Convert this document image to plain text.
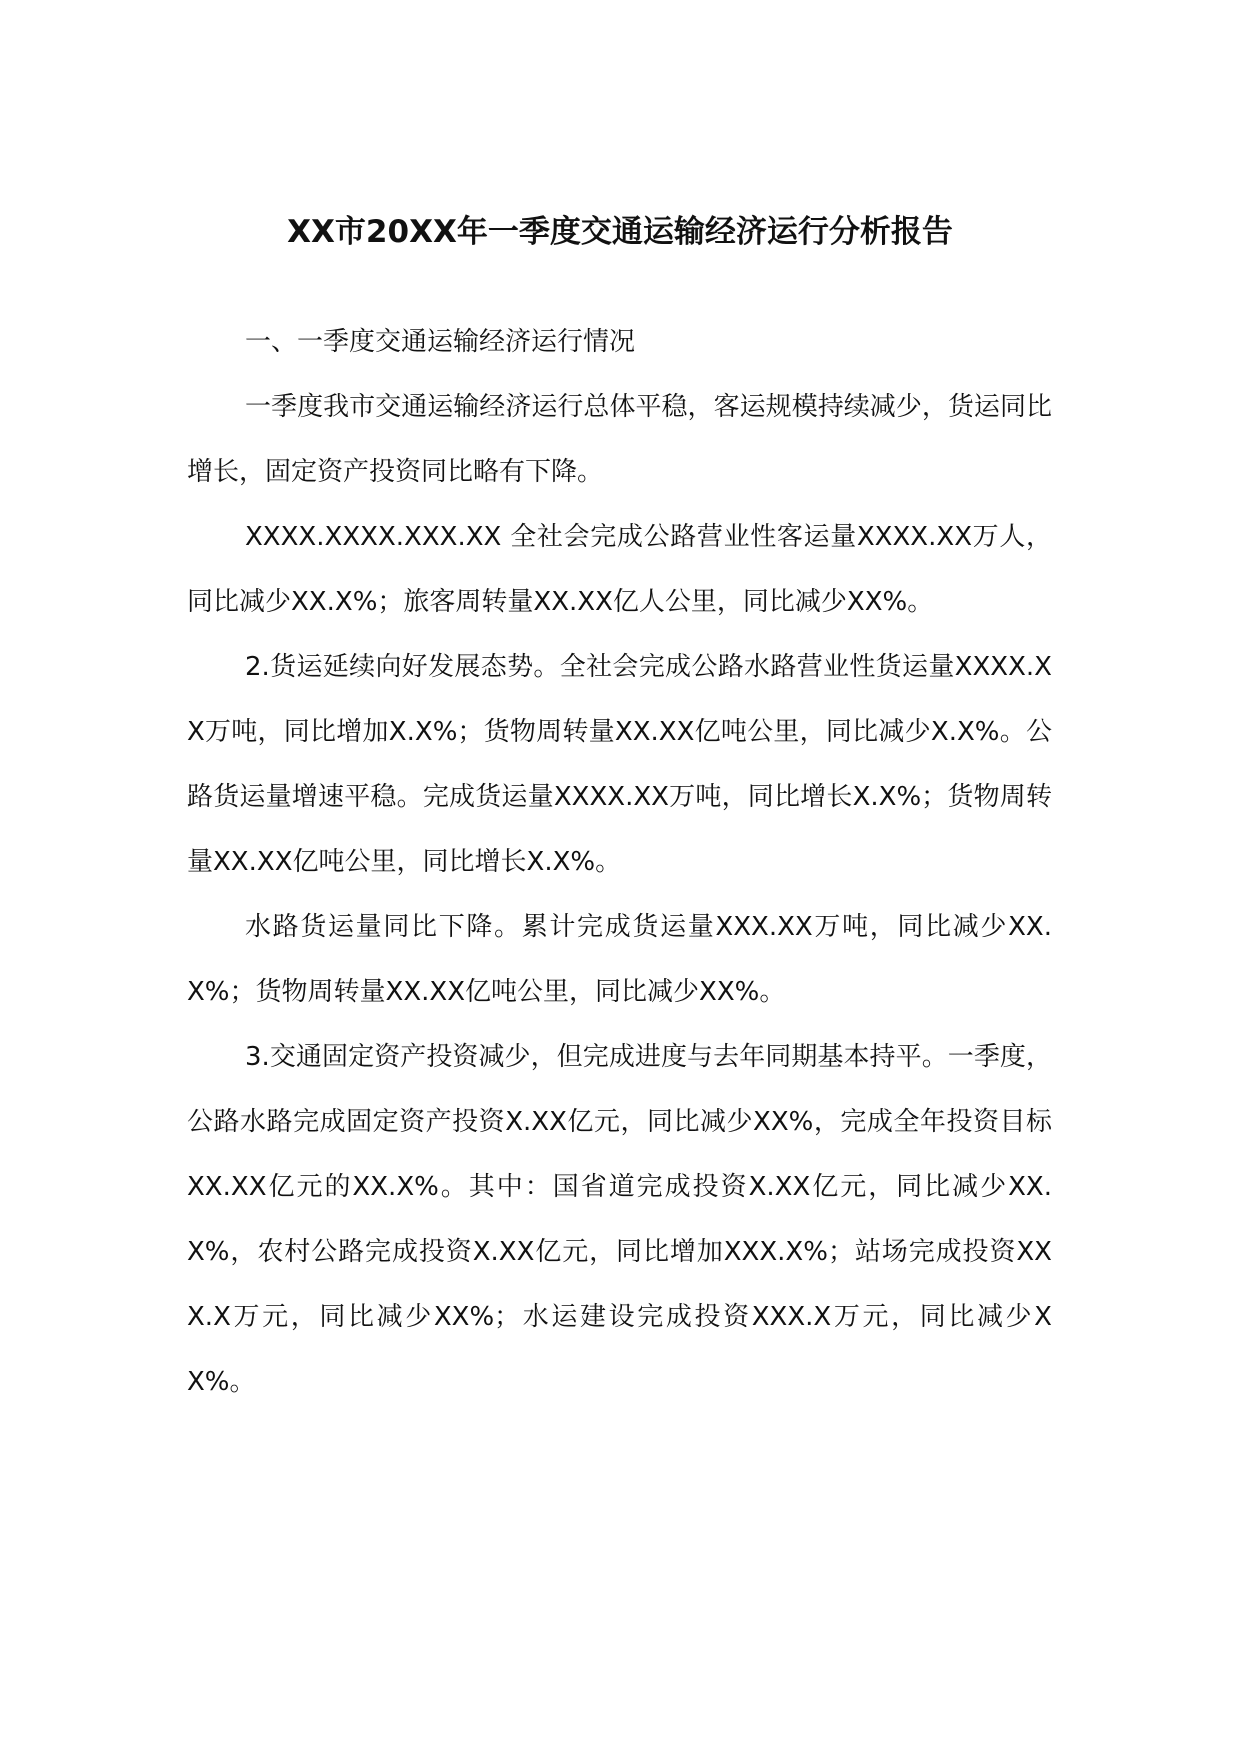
XX市20XX年一季度交通运输经济运行分析报告

一、一季度交通运输经济运行情况

一季度我市交通运输经济运行总体平稳，客运规模持续减少，货运同比增长，固定资产投资同比略有下降。

XXXX.XXXX.XXX.XX 全社会完成公路营业性客运量XXXX.XX万人，同比减少XX.X%；旅客周转量XX.XX亿人公里，同比减少XX%。

2.货运延续向好发展态势。全社会完成公路水路营业性货运量XXXX.XX万吨，同比增加X.X%；货物周转量XX.XX亿吨公里，同比减少X.X%。公路货运量增速平稳。完成货运量XXXX.XX万吨，同比增长X.X%；货物周转量XX.XX亿吨公里，同比增长X.X%。

水路货运量同比下降。累计完成货运量XXX.XX万吨，同比减少XX.X%；货物周转量XX.XX亿吨公里，同比减少XX%。

3.交通固定资产投资减少，但完成进度与去年同期基本持平。一季度，公路水路完成固定资产投资X.XX亿元，同比减少XX%，完成全年投资目标XX.XX亿元的XX.X%。其中：国省道完成投资X.XX亿元，同比减少XX.X%，农村公路完成投资X.XX亿元，同比增加XXX.X%；站场完成投资XXX.X万元，同比减少XX%；水运建设完成投资XXX.X万元，同比减少XX%。
